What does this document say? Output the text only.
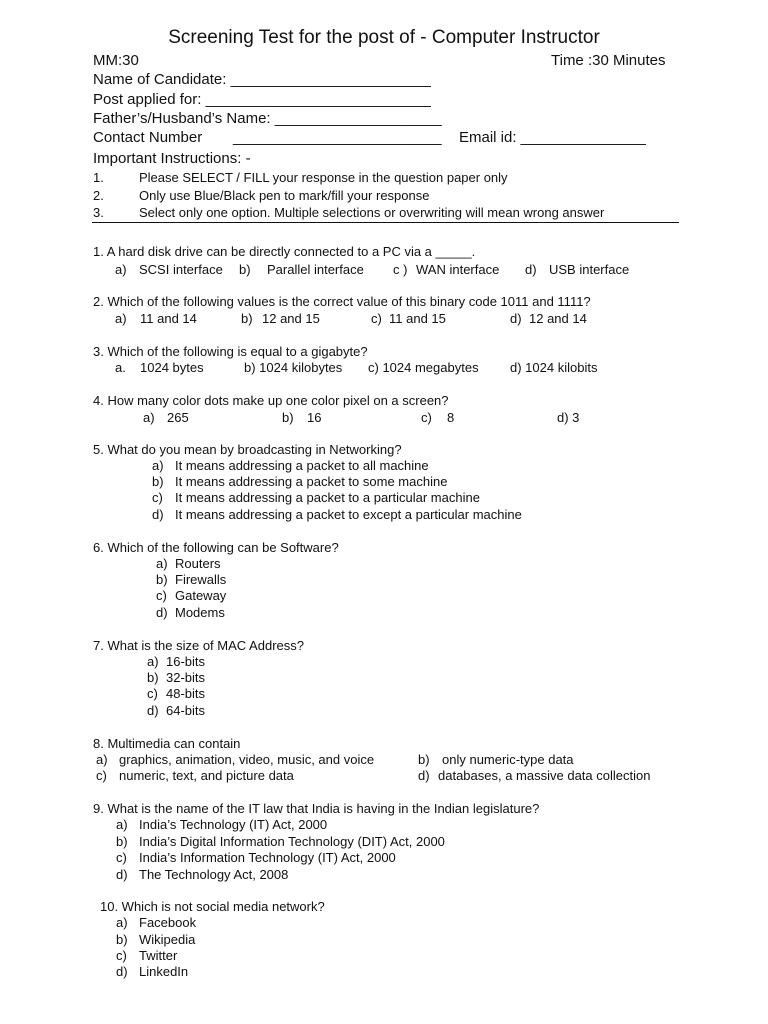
Screening Test for the post of - Computer Instructor
MM:30	Time :30 Minutes
Name of Candidate: ________________________
Post applied for: ___________________________
Father’s/Husband’s Name: ____________________
Contact Number _________________________ Email id: _______________
Important Instructions: -
1.	Please SELECT / FILL your response in the question paper only
2.	Only use Blue/Black pen to mark/fill your response
3.	Select only one option. Multiple selections or overwriting will mean wrong answer
1. A hard disk drive can be directly connected to a PC via a _____.
a) SCSI interface b) Parallel interface c ) WAN interface d) USB interface
2. Which of the following values is the correct value of this binary code 1011 and 1111?
a) 11 and 14	b) 12 and 15	c) 11 and 15	d) 12 and 14
3. Which of the following is equal to a gigabyte?
a. 1024 bytes	b) 1024 kilobytes c) 1024 megabytes d) 1024 kilobits
4. How many color dots make up one color pixel on a screen?
a) 265	b) 16	c) 8	d) 3
5. What do you mean by broadcasting in Networking?
a) It means addressing a packet to all machine
b) It means addressing a packet to some machine
c) It means addressing a packet to a particular machine
d) It means addressing a packet to except a particular machine
6. Which of the following can be Software?
a) Routers
b) Firewalls
c) Gateway
d) Modems
7. What is the size of MAC Address?
a) 16-bits
b) 32-bits
c) 48-bits
d) 64-bits
8. Multimedia can contain
a) graphics, animation, video, music, and voice	b) only numeric-type data
c) numeric, text, and picture data	d) databases, a massive data collection
9. What is the name of the IT law that India is having in the Indian legislature?
a) India’s Technology (IT) Act, 2000
b) India’s Digital Information Technology (DIT) Act, 2000
c) India’s Information Technology (IT) Act, 2000
d) The Technology Act, 2008
10. Which is not social media network?
a) Facebook
b) Wikipedia
c) Twitter
d) LinkedIn
